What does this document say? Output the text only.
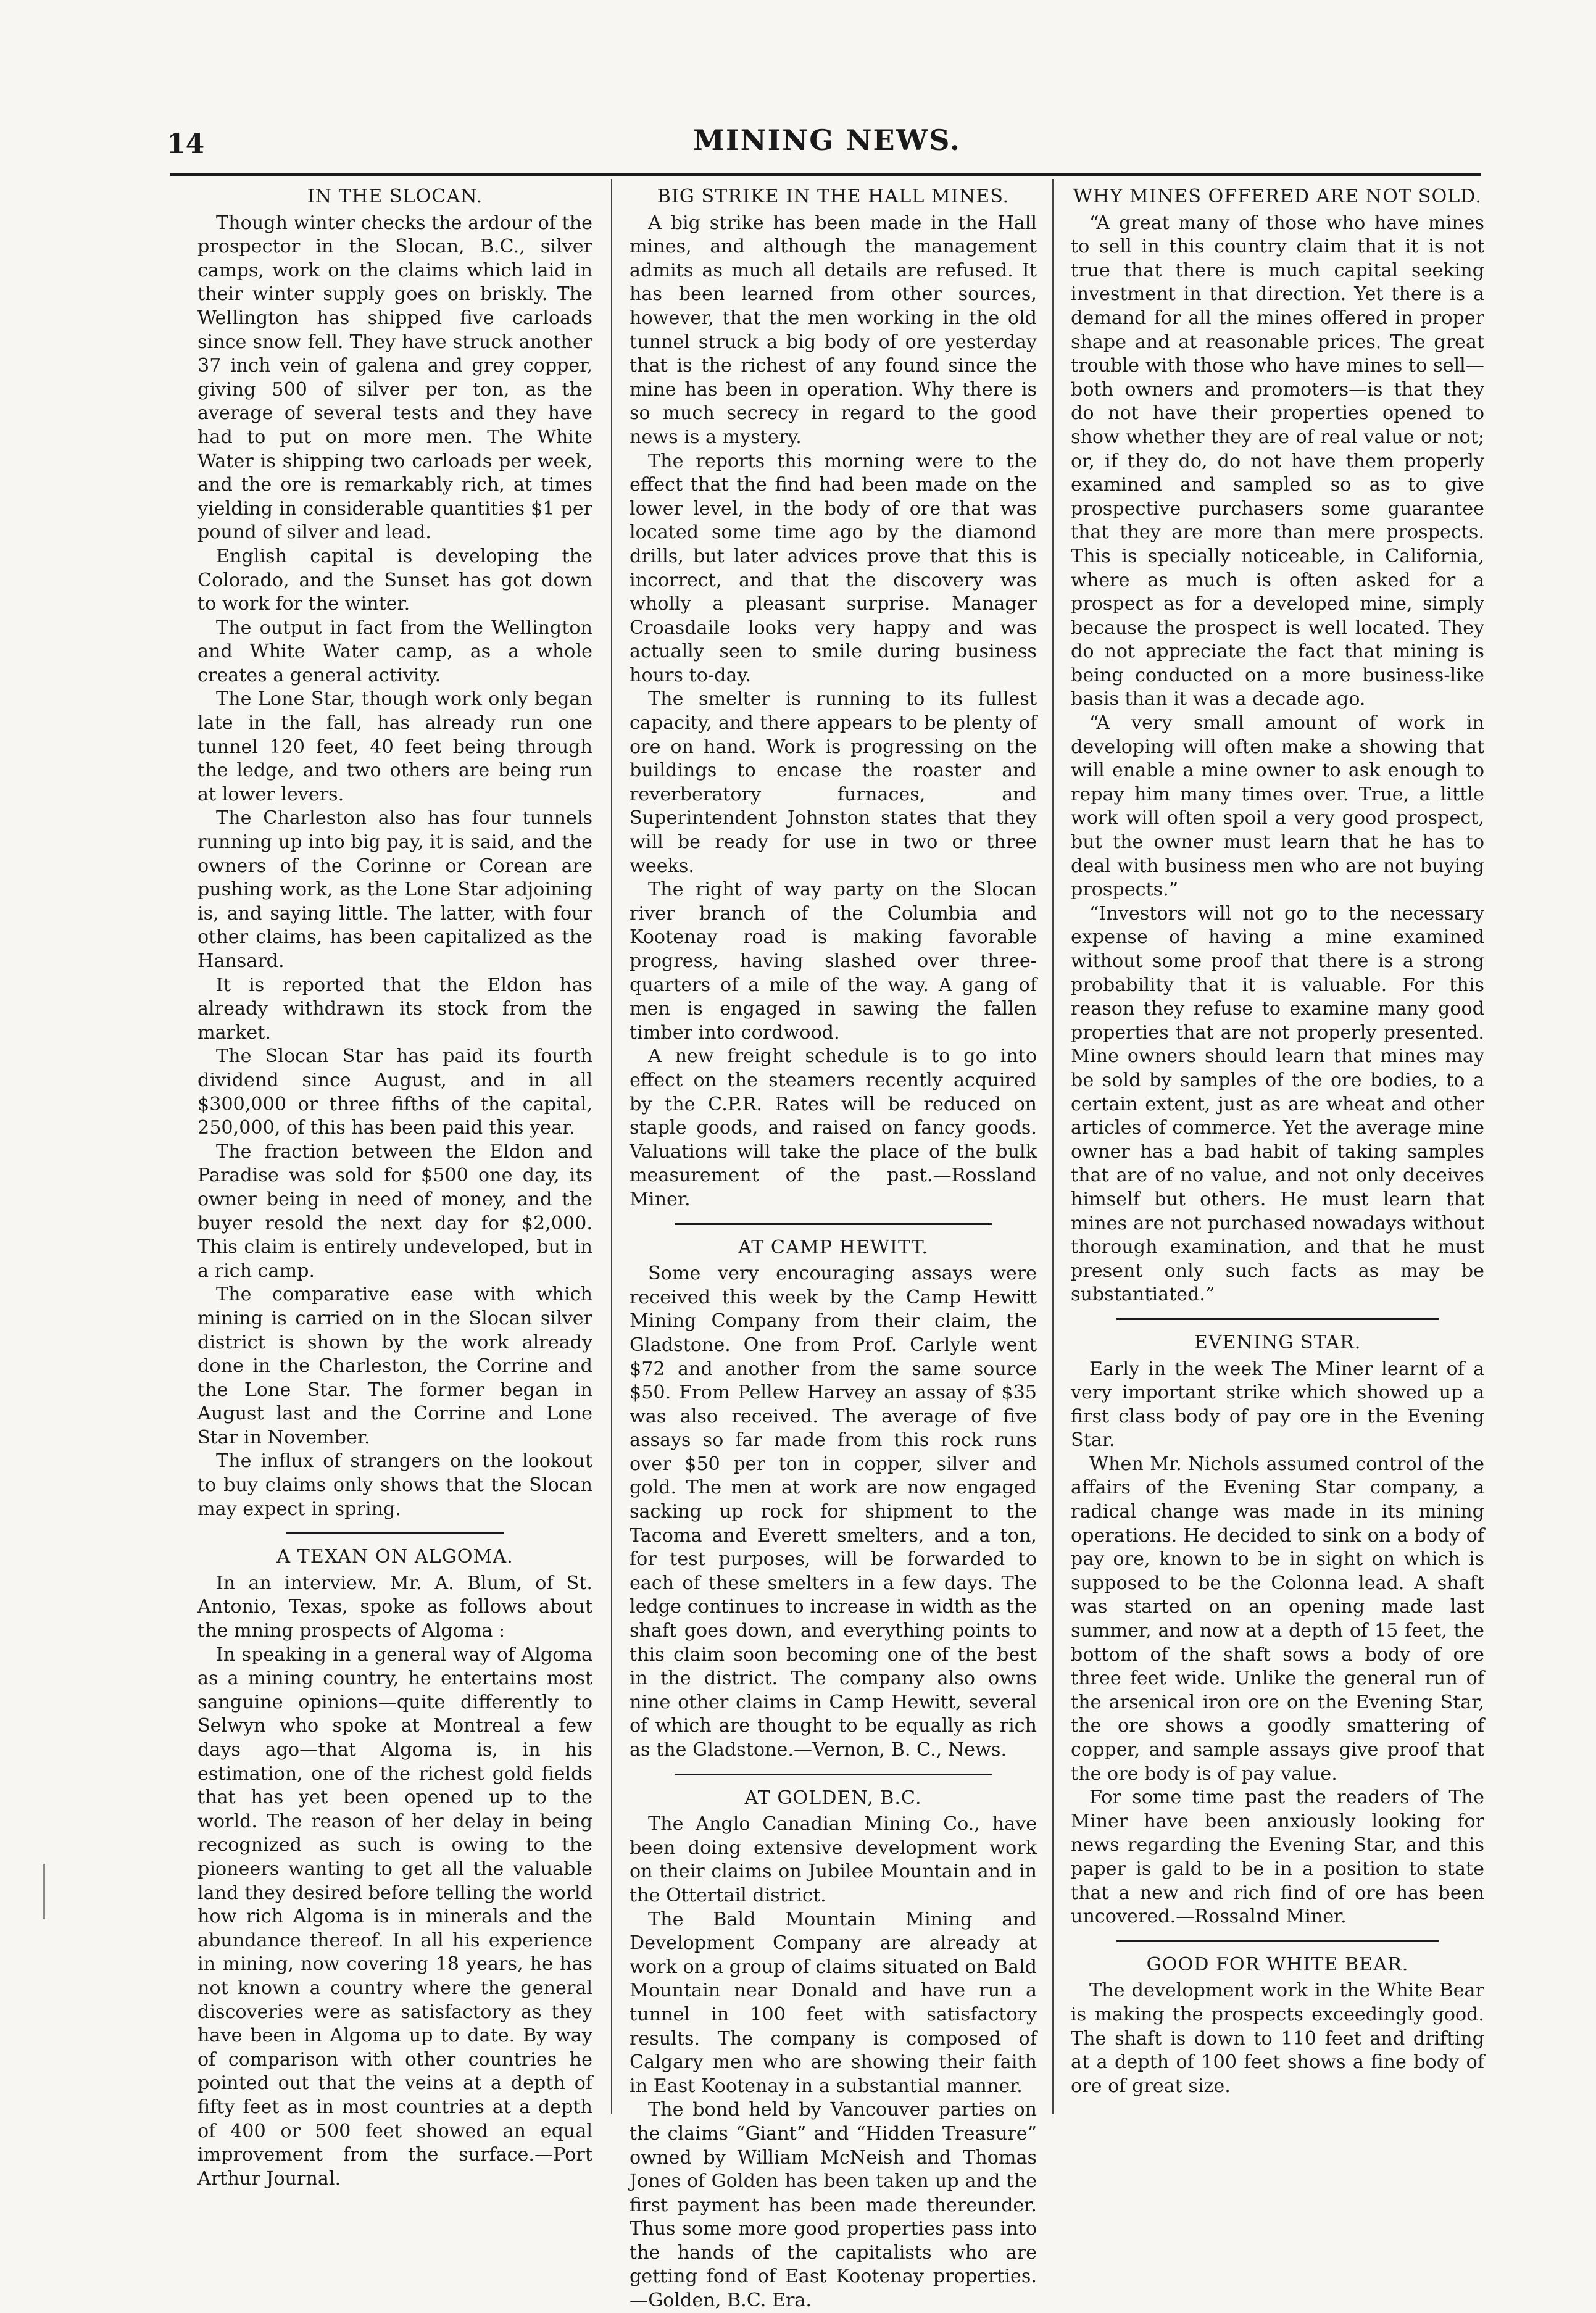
14	MINING NEWS.
IN THE SLOCAN.

Though winter checks the ardour of the prospector in the Slocan, B.C., silver camps, work on the claims which laid in their winter supply goes on briskly. The Wellington has shipped five carloads since snow fell. They have struck another 37 inch vein of galena and grey copper, giving 500 of silver per ton, as the average of several tests and they have had to put on more men. The White Water is shipping two carloads per week, and the ore is remarkably rich, at times yielding in considerable quantities $1 per pound of silver and lead.

English capital is developing the Colorado, and the Sunset has got down to work for the winter.

The output in fact from the Wellington and White Water camp, as a whole creates a general activity.

The Lone Star, though work only began late in the fall, has already run one tunnel 120 feet, 40 feet being through the ledge, and two others are being run at lower levers.

The Charleston also has four tunnels running up into big pay, it is said, and the owners of the Corinne or Corean are pushing work, as the Lone Star adjoining is, and saying little. The latter, with four other claims, has been capitalized as the Hansard.

It is reported that the Eldon has already withdrawn its stock from the market.

The Slocan Star has paid its fourth dividend since August, and in all $300,000 or three fifths of the capital, 250,000, of this has been paid this year.

The fraction between the Eldon and Paradise was sold for $500 one day, its owner being in need of money, and the buyer resold the next day for $2,000. This claim is entirely undeveloped, but in a rich camp.

The comparative ease with which mining is carried on in the Slocan silver district is shown by the work already done in the Charleston, the Corrine and the Lone Star. The former began in August last and the Corrine and Lone Star in November.

The influx of strangers on the lookout to buy claims only shows that the Slocan may expect in spring.

A TEXAN ON ALGOMA.

In an interview. Mr. A. Blum, of St. Antonio, Texas, spoke as follows about the mning prospects of Algoma :

In speaking in a general way of Algoma as a mining country, he entertains most sanguine opinions—quite differently to Selwyn who spoke at Montreal a few days ago—that Algoma is, in his estimation, one of the richest gold fields that has yet been opened up to the world. The reason of her delay in being recognized as such is owing to the pioneers wanting to get all the valuable land they desired before telling the world how rich Algoma is in minerals and the abundance thereof. In all his experience in mining, now covering 18 years, he has not known a country where the general discoveries were as satisfactory as they have been in Algoma up to date. By way of comparison with other countries he pointed out that the veins at a depth of fifty feet as in most countries at a depth of 400 or 500 feet showed an equal improvement from the surface.—Port Arthur Journal.

BIG STRIKE IN THE HALL MINES.

A big strike has been made in the Hall mines, and although the management admits as much all details are refused. It has been learned from other sources, however, that the men working in the old tunnel struck a big body of ore yesterday that is the richest of any found since the mine has been in operation. Why there is so much secrecy in regard to the good news is a mystery.

The reports this morning were to the effect that the find had been made on the lower level, in the body of ore that was located some time ago by the diamond drills, but later advices prove that this is incorrect, and that the discovery was wholly a pleasant surprise. Manager Croasdaile looks very happy and was actually seen to smile during business hours to-day.

The smelter is running to its fullest capacity, and there appears to be plenty of ore on hand. Work is progressing on the buildings to encase the roaster and reverberatory furnaces, and Superintendent Johnston states that they will be ready for use in two or three weeks.

The right of way party on the Slocan river branch of the Columbia and Kootenay road is making favorable progress, having slashed over three-quarters of a mile of the way. A gang of men is engaged in sawing the fallen timber into cordwood.

A new freight schedule is to go into effect on the steamers recently acquired by the C.P.R. Rates will be reduced on staple goods, and raised on fancy goods. Valuations will take the place of the bulk measurement of the past.—Rossland Miner.

AT CAMP HEWITT.

Some very encouraging assays were received this week by the Camp Hewitt Mining Company from their claim, the Gladstone. One from Prof. Carlyle went $72 and another from the same source $50. From Pellew Harvey an assay of $35 was also received. The average of five assays so far made from this rock runs over $50 per ton in copper, silver and gold. The men at work are now engaged sacking up rock for shipment to the Tacoma and Everett smelters, and a ton, for test purposes, will be forwarded to each of these smelters in a few days. The ledge continues to increase in width as the shaft goes down, and everything points to this claim soon becoming one of the best in the district. The company also owns nine other claims in Camp Hewitt, several of which are thought to be equally as rich as the Gladstone.—Vernon, B. C., News.

AT GOLDEN, B.C.

The Anglo Canadian Mining Co., have been doing extensive development work on their claims on Jubilee Mountain and in the Ottertail district.

The Bald Mountain Mining and Development Company are already at work on a group of claims situated on Bald Mountain near Donald and have run a tunnel in 100 feet with satisfactory results. The company is composed of Calgary men who are showing their faith in East Kootenay in a substantial manner.

The bond held by Vancouver parties on the claims “Giant” and “Hidden Treasure” owned by William McNeish and Thomas Jones of Golden has been taken up and the first payment has been made thereunder. Thus some more good properties pass into the hands of the capitalists who are getting fond of East Kootenay properties.—Golden, B.C. Era.

WHY MINES OFFERED ARE NOT SOLD.

“A great many of those who have mines to sell in this country claim that it is not true that there is much capital seeking investment in that direction. Yet there is a demand for all the mines offered in proper shape and at reasonable prices. The great trouble with those who have mines to sell—both owners and promoters—is that they do not have their properties opened to show whether they are of real value or not; or, if they do, do not have them properly examined and sampled so as to give prospective purchasers some guarantee that they are more than mere prospects. This is specially noticeable, in California, where as much is often asked for a prospect as for a developed mine, simply because the prospect is well located. They do not appreciate the fact that mining is being conducted on a more business-like basis than it was a decade ago.

“A very small amount of work in developing will often make a showing that will enable a mine owner to ask enough to repay him many times over. True, a little work will often spoil a very good prospect, but the owner must learn that he has to deal with business men who are not buying prospects.”

“Investors will not go to the necessary expense of having a mine examined without some proof that there is a strong probability that it is valuable. For this reason they refuse to examine many good properties that are not properly presented. Mine owners should learn that mines may be sold by samples of the ore bodies, to a certain extent, just as are wheat and other articles of commerce. Yet the average mine owner has a bad habit of taking samples that are of no value, and not only deceives himself but others. He must learn that mines are not purchased nowadays without thorough examination, and that he must present only such facts as may be substantiated.”

EVENING STAR.

Early in the week The Miner learnt of a very important strike which showed up a first class body of pay ore in the Evening Star.

When Mr. Nichols assumed control of the affairs of the Evening Star company, a radical change was made in its mining operations. He decided to sink on a body of pay ore, known to be in sight on which is supposed to be the Colonna lead. A shaft was started on an opening made last summer, and now at a depth of 15 feet, the bottom of the shaft sows a body of ore three feet wide. Unlike the general run of the arsenical iron ore on the Evening Star, the ore shows a goodly smattering of copper, and sample assays give proof that the ore body is of pay value.

For some time past the readers of The Miner have been anxiously looking for news regarding the Evening Star, and this paper is gald to be in a position to state that a new and rich find of ore has been uncovered.—Rossalnd Miner.

GOOD FOR WHITE BEAR.

The development work in the White Bear is making the prospects exceedingly good. The shaft is down to 110 feet and drifting at a depth of 100 feet shows a fine body of ore of great size.
